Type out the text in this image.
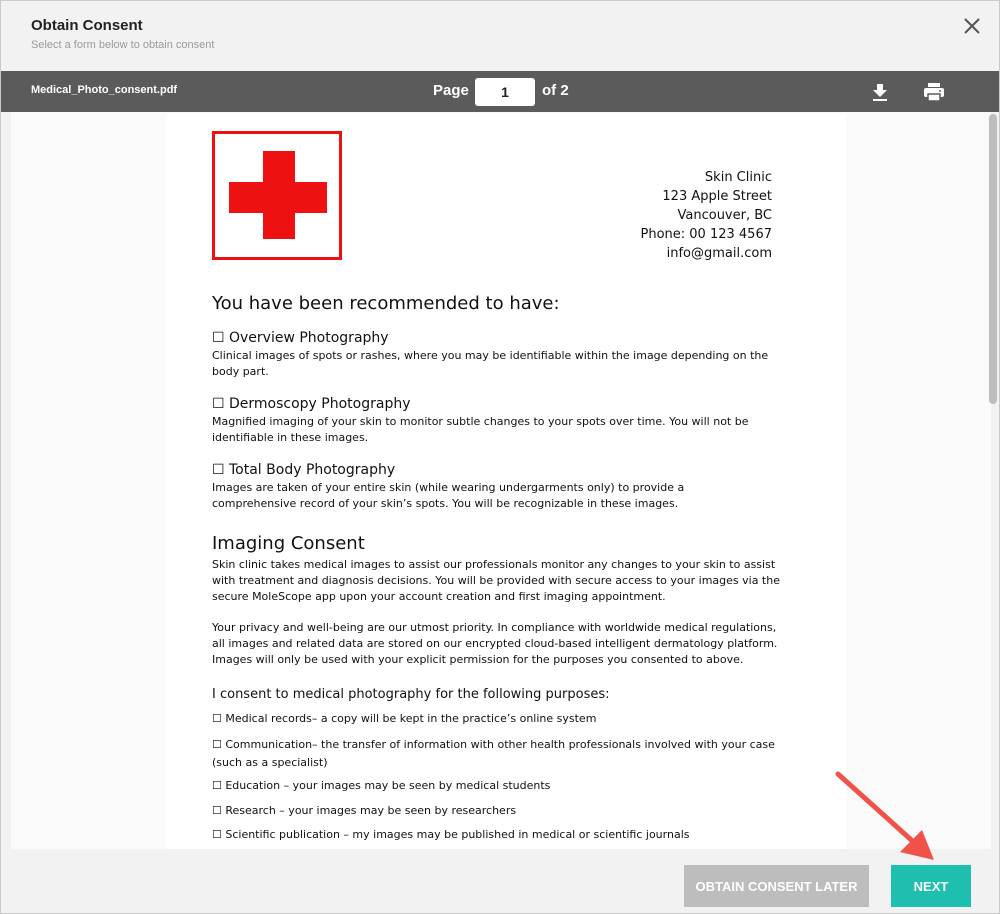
Obtain Consent
Select a form below to obtain consent
Medical_Photo_consent.pdf	Page
1	of 2
Skin Clinic
123 Apple Street
Vancouver, BC
Phone: 00 123 4567
info@gmail.com
You have been recommended to have:
☐ Overview Photography
Clinical images of spots or rashes, where you may be identifiable within the image depending on the body part.
☐ Dermoscopy Photography
Magnified imaging of your skin to monitor subtle changes to your spots over time. You will not be identifiable in these images.
☐ Total Body Photography
Images are taken of your entire skin (while wearing undergarments only) to provide a comprehensive record of your skin’s spots. You will be recognizable in these images.
Imaging Consent
Skin clinic takes medical images to assist our professionals monitor any changes to your skin to assist with treatment and diagnosis decisions. You will be provided with secure access to your images via the secure MoleScope app upon your account creation and first imaging appointment.
Your privacy and well-being are our utmost priority. In compliance with worldwide medical regulations, all images and related data are stored on our encrypted cloud-based intelligent dermatology platform. Images will only be used with your explicit permission for the purposes you consented to above.
I consent to medical photography for the following purposes:
☐ Medical records– a copy will be kept in the practice’s online system
☐ Communication– the transfer of information with other health professionals involved with your case (such as a specialist)
☐ Education – your images may be seen by medical students
☐ Research – your images may be seen by researchers
☐ Scientific publication – my images may be published in medical or scientific journals
OBTAIN CONSENT LATER	NEXT
